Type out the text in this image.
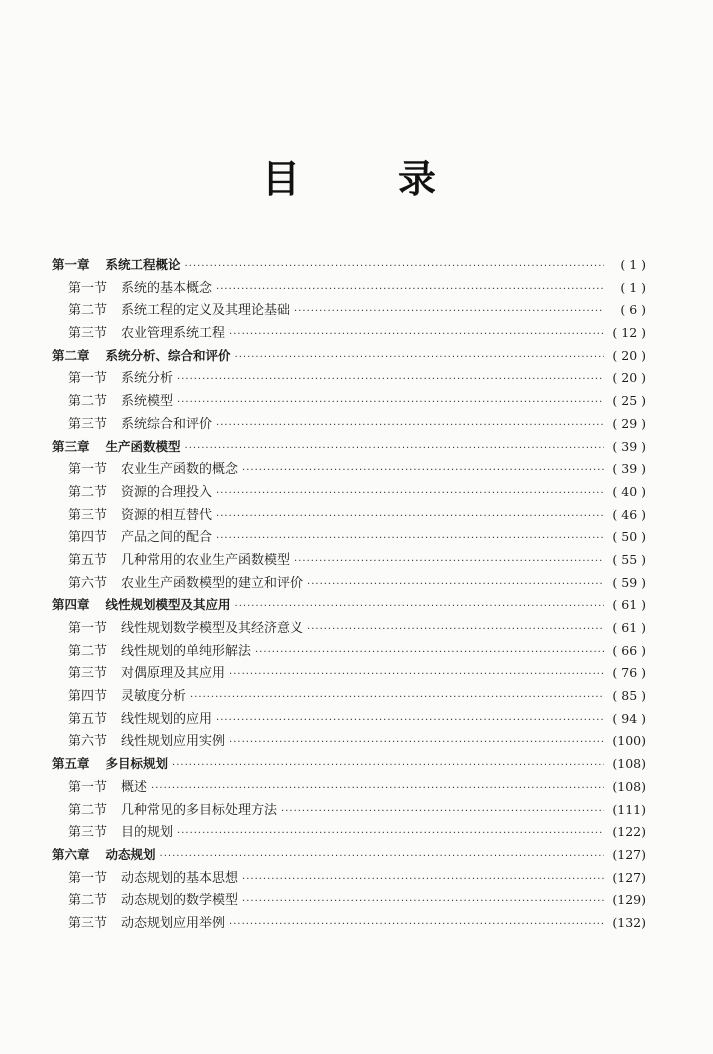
目	录
第一章 系统工程概论 ·····	( 1 )
第一节 系统的基本概念 ·····	( 1 )
第二节 系统工程的定义及其理论基础 ·····	( 6 )
第三节 农业管理系统工程 ·····	( 12 )
第二章 系统分析、综合和评价 ·····	( 20 )
第一节 系统分析 ·····	( 20 )
第二节 系统模型 ·····	( 25 )
第三节 系统综合和评价 ·····	( 29 )
第三章 生产函数模型 ·····	( 39 )
第一节 农业生产函数的概念 ·····	( 39 )
第二节 资源的合理投入 ·····	( 40 )
第三节 资源的相互替代 ·····	( 46 )
第四节 产品之间的配合 ·····	( 50 )
第五节 几种常用的农业生产函数模型 ·····	( 55 )
第六节 农业生产函数模型的建立和评价 ·····	( 59 )
第四章 线性规划模型及其应用 ·····	( 61 )
第一节 线性规划数学模型及其经济意义 ·····	( 61 )
第二节 线性规划的单纯形解法 ·····	( 66 )
第三节 对偶原理及其应用 ·····	( 76 )
第四节 灵敏度分析 ·····	( 85 )
第五节 线性规划的应用 ·····	( 94 )
第六节 线性规划应用实例 ·····	(100)
第五章 多目标规划 ·····	(108)
第一节 概述 ·····	(108)
第二节 几种常见的多目标处理方法 ·····	(111)
第三节 目的规划 ·····	(122)
第六章 动态规划 ·····	(127)
第一节 动态规划的基本思想 ·····	(127)
第二节 动态规划的数学模型 ·····	(129)
第三节 动态规划应用举例 ·····	(132)
